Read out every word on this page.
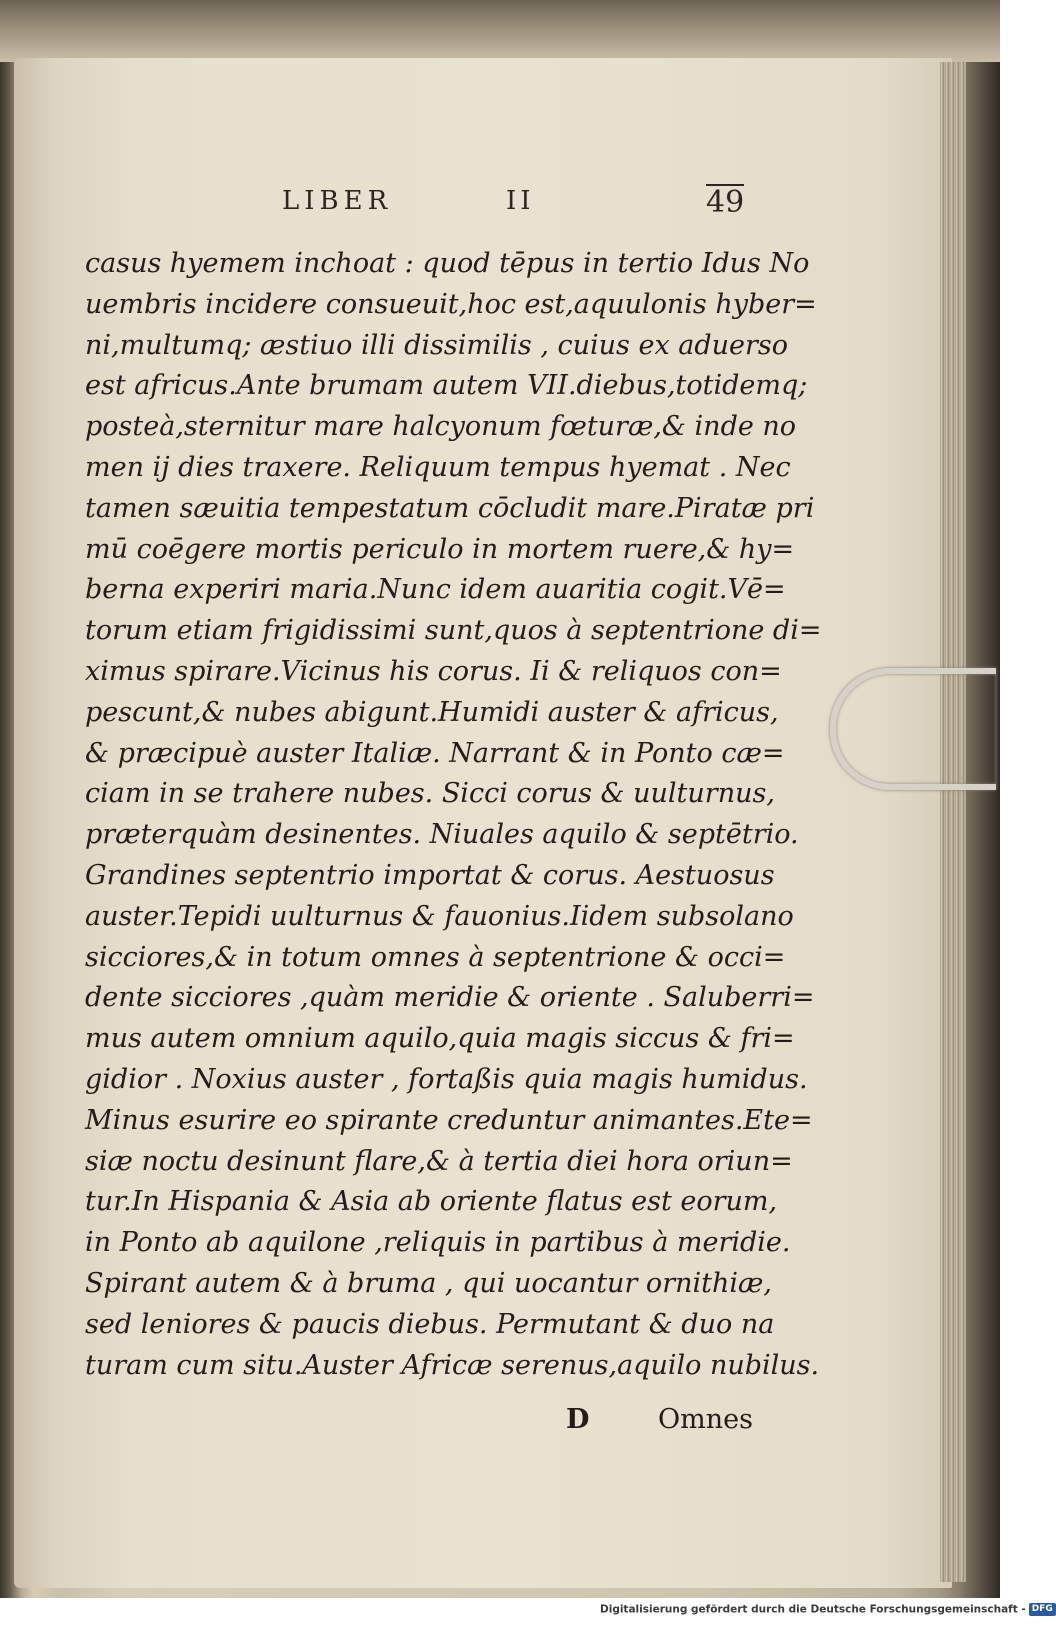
LIBER	II	49
casus hyemem inchoat : quod tēpus in tertio Idus No
uembris incidere consueuit,hoc est,aquulonis hyber=
ni,multumq; æstiuo illi dissimilis , cuius ex aduerso
est africus.Ante brumam autem VII.diebus,totidemq;
posteà,sternitur mare halcyonum fœturæ,& inde no
men ij dies traxere. Reliquum tempus hyemat . Nec
tamen sæuitia tempestatum cōcludit mare.Piratæ pri
mū coēgere mortis periculo in mortem ruere,& hy=
berna experiri maria.Nunc idem auaritia cogit.Vē=
torum etiam frigidissimi sunt,quos à septentrione di=
ximus spirare.Vicinus his corus. Ii & reliquos con=
pescunt,& nubes abigunt.Humidi auster & africus,
& præcipuè auster Italiæ. Narrant & in Ponto cæ=
ciam in se trahere nubes. Sicci corus & uulturnus,
præterquàm desinentes. Niuales aquilo & septētrio.
Grandines septentrio importat & corus. Aestuosus
auster.Tepidi uulturnus & fauonius.Iidem subsolano
sicciores,& in totum omnes à septentrione & occi=
dente sicciores ,quàm meridie & oriente . Saluberri=
mus autem omnium aquilo,quia magis siccus & fri=
gidior . Noxius auster , fortaßis quia magis humidus.
Minus esurire eo spirante creduntur animantes.Ete=
siæ noctu desinunt flare,& à tertia diei hora oriun=
tur.In Hispania & Asia ab oriente flatus est eorum,
in Ponto ab aquilone ,reliquis in partibus à meridie.
Spirant autem & à bruma , qui uocantur ornithiæ,
sed leniores & paucis diebus. Permutant & duo na
turam cum situ.Auster Africæ serenus,aquilo nubilus.
D	Omnes
Digitalisierung gefördert durch die Deutsche Forschungsgemeinschaft - DFG
